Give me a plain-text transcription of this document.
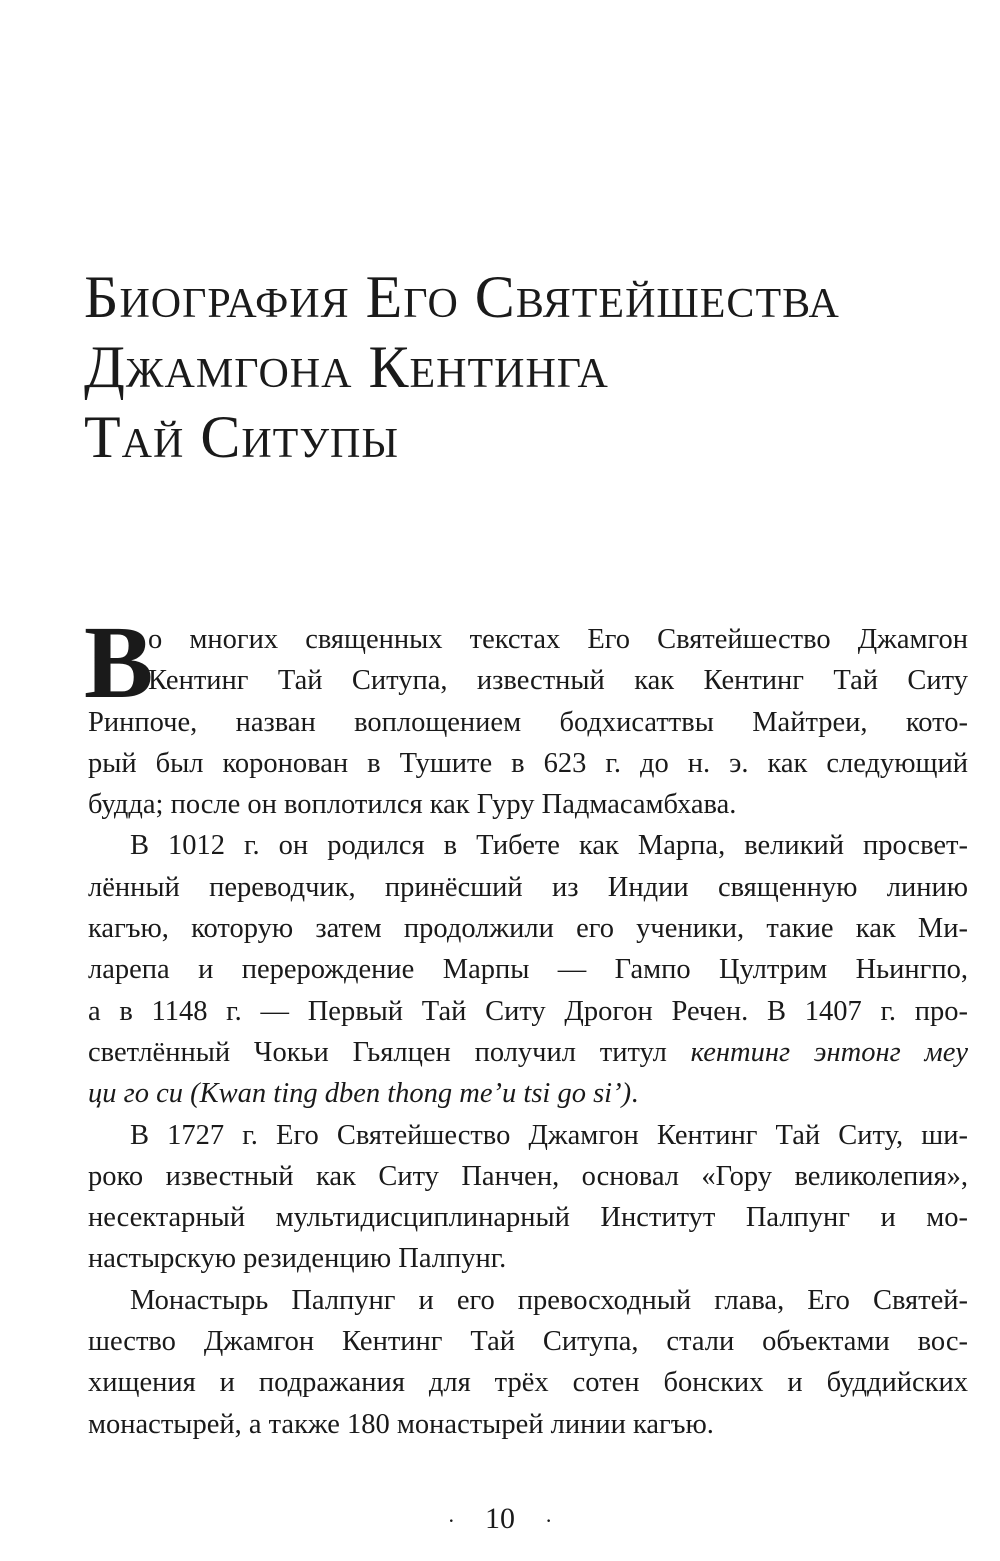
Биография Его Святейшества
Джамгона Кентинга
Тай Ситупы
В
о многих священных текстах Его Святейшество Джамгон
Кентинг Тай Ситупа, известный как Кентинг Тай Ситу
Ринпоче, назван воплощением бодхисаттвы Майтреи, кото-
рый был коронован в Тушите в 623 г. до н. э. как следующий
будда; после он воплотился как Гуру Падмасамбхава.
В 1012 г. он родился в Тибете как Марпа, великий просвет-
лённый переводчик, принёсший из Индии священную линию
кагъю, которую затем продолжили его ученики, такие как Ми-
ларепа и перерождение Марпы — Гампо Цултрим Ньингпо,
а в 1148 г. — Первый Тай Ситу Дрогон Речен. В 1407 г. про-
светлённый Чокьи Гьялцен получил титул кентинг энтонг меу
ци го си (Kwan ting dben thong me’u tsi go si’).
В 1727 г. Его Святейшество Джамгон Кентинг Тай Ситу, ши-
роко известный как Ситу Панчен, основал «Гору великолепия»,
несектарный мультидисциплинарный Институт Палпунг и мо-
настырскую резиденцию Палпунг.
Монастырь Палпунг и его превосходный глава, Его Святей-
шество Джамгон Кентинг Тай Ситупа, стали объектами вос-
хищения и подражания для трёх сотен бонских и буддийских
монастырей, а также 180 монастырей линии кагъю.
· 10 ·
